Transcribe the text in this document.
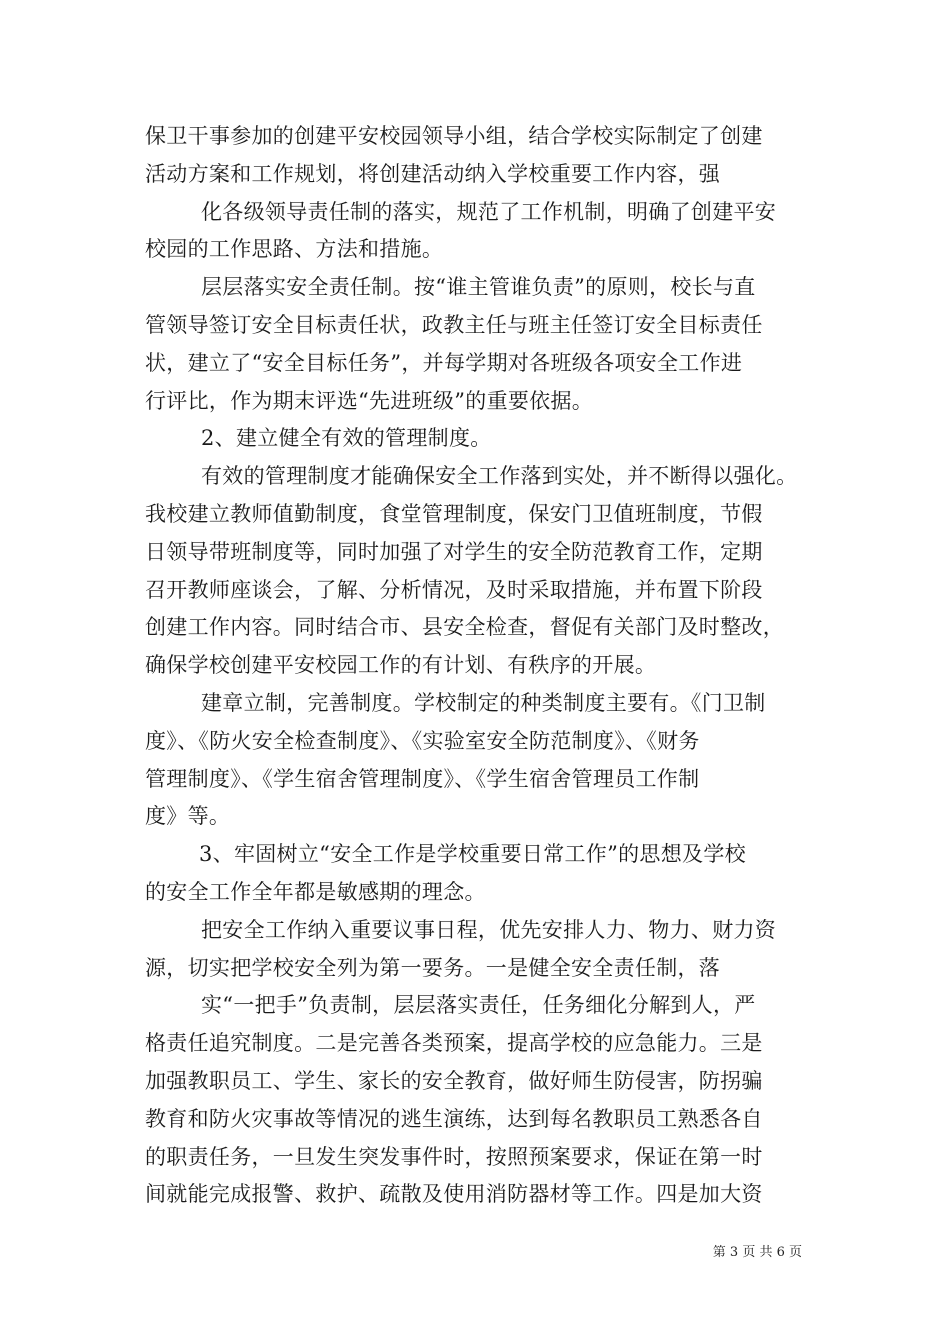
保卫干事参加的创建平安校园领导小组，结合学校实际制定了创建
活动方案和工作规划，将创建活动纳入学校重要工作内容，强
化各级领导责任制的落实，规范了工作机制，明确了创建平安
校园的工作思路、方法和措施。
层层落实安全责任制。按“谁主管谁负责”的原则，校长与直
管领导签订安全目标责任状，政教主任与班主任签订安全目标责任
状，建立了“安全目标任务”，并每学期对各班级各项安全工作进
行评比，作为期末评选“先进班级”的重要依据。
2、建立健全有效的管理制度。
有效的管理制度才能确保安全工作落到实处，并不断得以强化。
我校建立教师值勤制度，食堂管理制度，保安门卫值班制度，节假
日领导带班制度等，同时加强了对学生的安全防范教育工作，定期
召开教师座谈会，了解、分析情况，及时采取措施，并布置下阶段
创建工作内容。同时结合市、县安全检查，督促有关部门及时整改，
确保学校创建平安校园工作的有计划、有秩序的开展。
建章立制，完善制度。学校制定的种类制度主要有。《门卫制
度》、《防火安全检查制度》、《实验室安全防范制度》、《财务
管理制度》、《学生宿舍管理制度》、《学生宿舍管理员工作制
度》等。
3、牢固树立“安全工作是学校重要日常工作”的思想及学校
的安全工作全年都是敏感期的理念。
把安全工作纳入重要议事日程，优先安排人力、物力、财力资
源，切实把学校安全列为第一要务。一是健全安全责任制，落
实“一把手”负责制，层层落实责任，任务细化分解到人，严
格责任追究制度。二是完善各类预案，提高学校的应急能力。三是
加强教职员工、学生、家长的安全教育，做好师生防侵害，防拐骗
教育和防火灾事故等情况的逃生演练，达到每名教职员工熟悉各自
的职责任务，一旦发生突发事件时，按照预案要求，保证在第一时
间就能完成报警、救护、疏散及使用消防器材等工作。四是加大资
第 3 页 共 6 页
